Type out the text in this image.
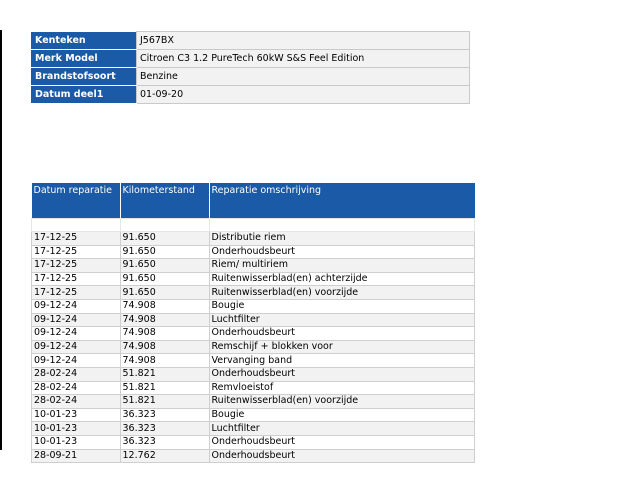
Kenteken	J567BX
Merk Model	Citroen C3 1.2 PureTech 60kW S&S Feel Edition
Brandstofsoort	Benzine
Datum deel1	01-09-20
Datum reparatie	Kilometerstand	Reparatie omschrijving

17-12-25	91.650	Distributie riem
17-12-25	91.650	Onderhoudsbeurt
17-12-25	91.650	Riem/ multiriem
17-12-25	91.650	Ruitenwisserblad(en) achterzijde
17-12-25	91.650	Ruitenwisserblad(en) voorzijde
09-12-24	74.908	Bougie
09-12-24	74.908	Luchtfilter
09-12-24	74.908	Onderhoudsbeurt
09-12-24	74.908	Remschijf + blokken voor
09-12-24	74.908	Vervanging band
28-02-24	51.821	Onderhoudsbeurt
28-02-24	51.821	Remvloeistof
28-02-24	51.821	Ruitenwisserblad(en) voorzijde
10-01-23	36.323	Bougie
10-01-23	36.323	Luchtfilter
10-01-23	36.323	Onderhoudsbeurt
28-09-21	12.762	Onderhoudsbeurt
